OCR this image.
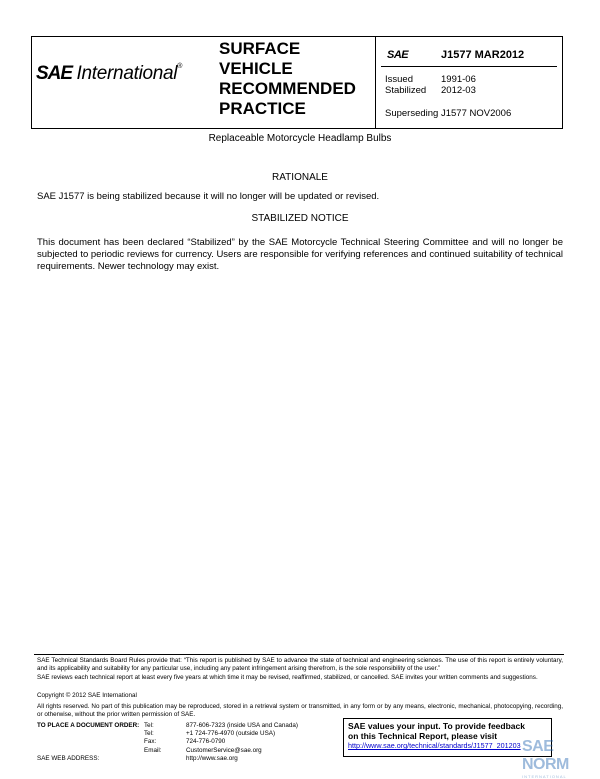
SAE International®
SURFACE
VEHICLE
RECOMMENDED
PRACTICE
SAE	J1577 MAR2012
Issued	1991-06
Stabilized 2012-03
Superseding J1577 NOV2006
Replaceable Motorcycle Headlamp Bulbs
RATIONALE
SAE J1577 is being stabilized because it will no longer will be updated or revised.
STABILIZED NOTICE
This document has been declared “Stabilized” by the SAE Motorcycle Technical Steering Committee and will no longer be subjected to periodic reviews for currency. Users are responsible for verifying references and continued suitability of technical requirements. Newer technology may exist.
SAE Technical Standards Board Rules provide that: “This report is published by SAE to advance the state of technical and engineering sciences. The use of this report is entirely voluntary, and its applicability and suitability for any particular use, including any patent infringement arising therefrom, is the sole responsibility of the user.”
SAE reviews each technical report at least every five years at which time it may be revised, reaffirmed, stabilized, or cancelled. SAE invites your written comments and suggestions.
Copyright © 2012 SAE International
All rights reserved. No part of this publication may be reproduced, stored in a retrieval system or transmitted, in any form or by any means, electronic, mechanical, photocopying, recording, or otherwise, without the prior written permission of SAE.
TO PLACE A DOCUMENT ORDER: Tel:	877-606-7323 (inside USA and Canada)
Tel:	+1 724-776-4970 (outside USA)
Fax:	724-776-0790
Email:	CustomerService@sae.org
SAE WEB ADDRESS:	http://www.sae.org
SAE values your input. To provide feedback
on this Technical Report, please visit
http://www.sae.org/technical/standards/J1577_201203 SAE NORM
INTERNATIONAL
